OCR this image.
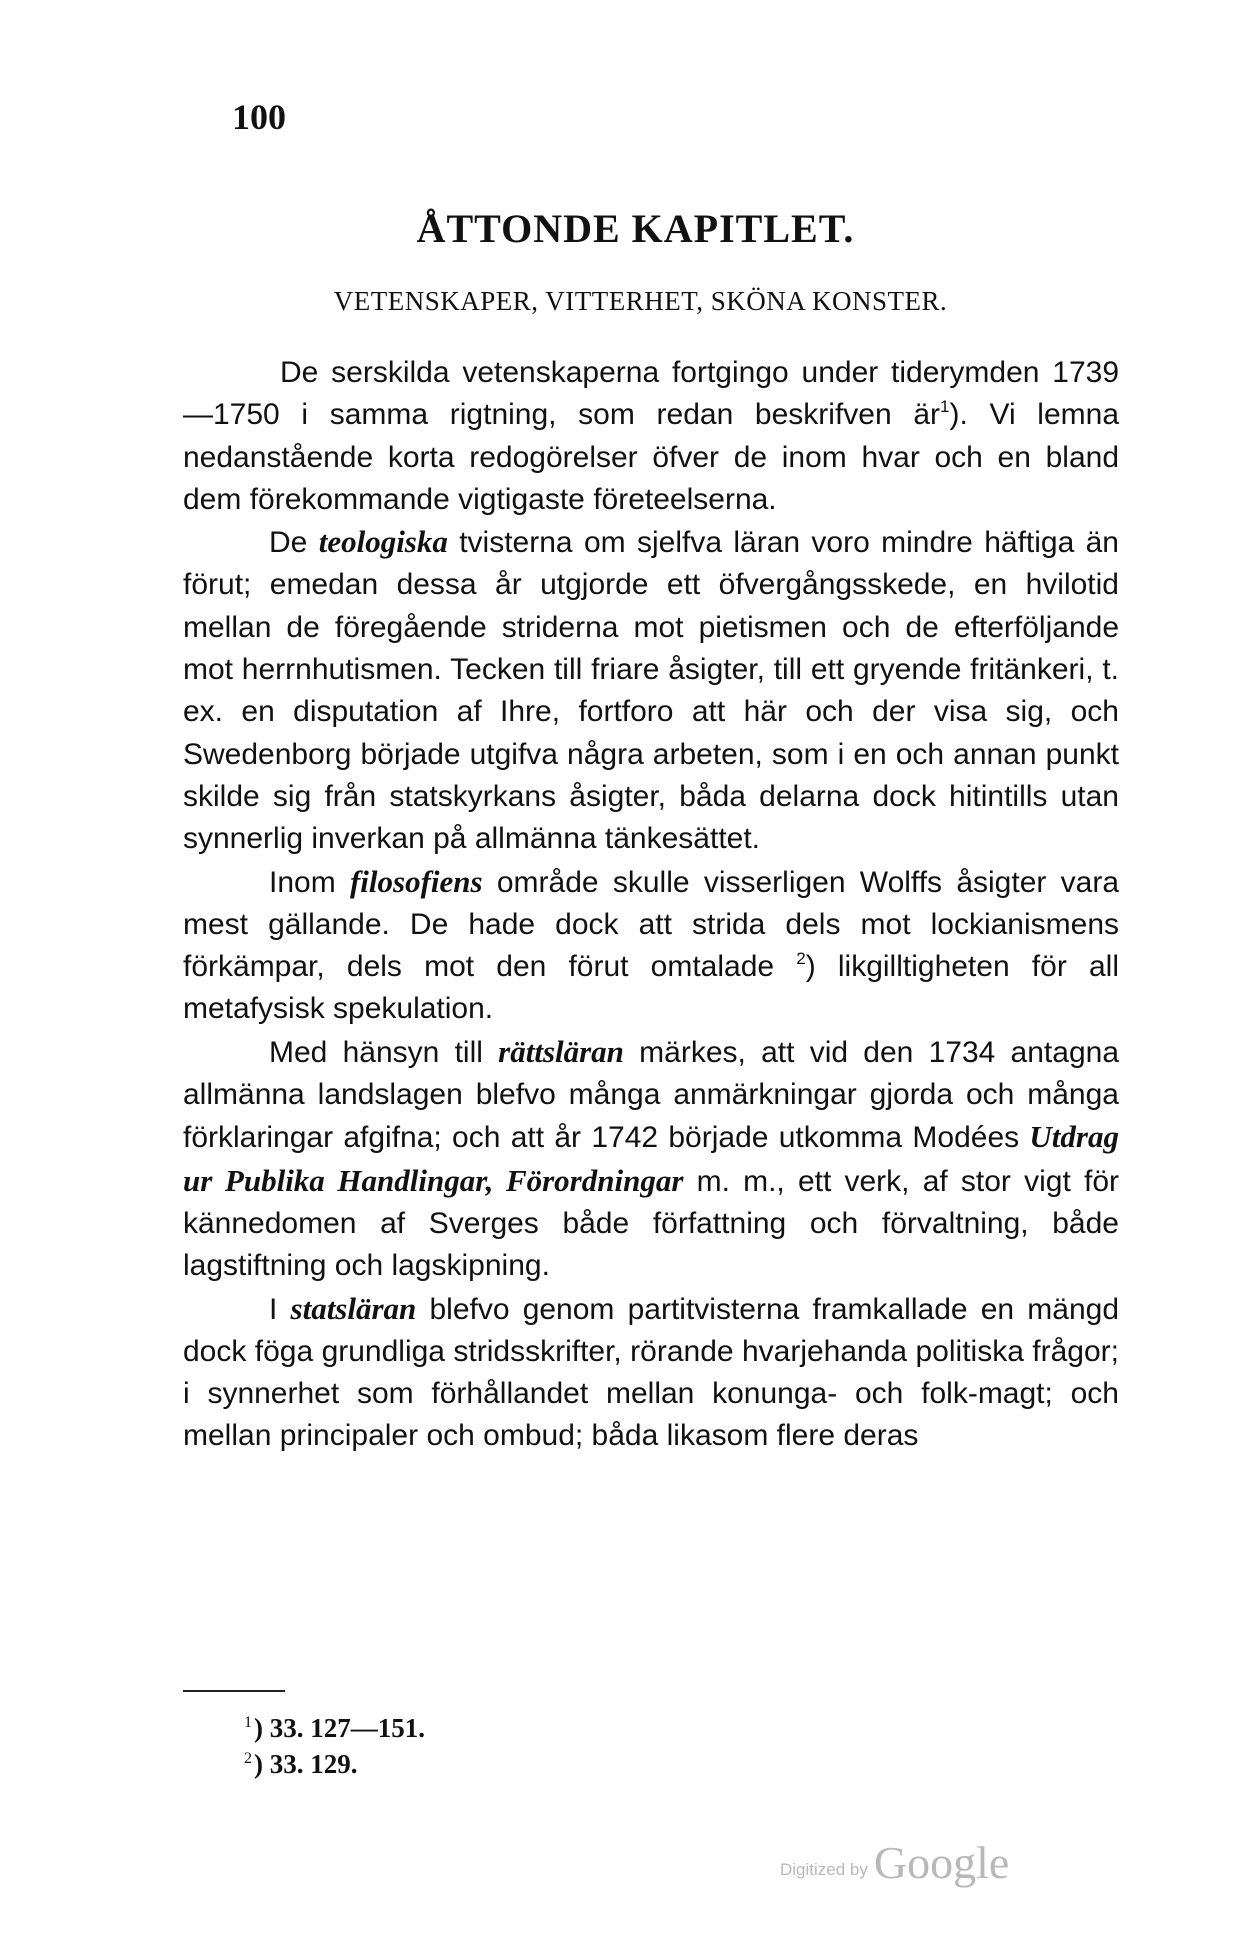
100
ÅTTONDE KAPITLET.
VETENSKAPER, VITTERHET, SKÖNA KONSTER.

De serskilda vetenskaperna fortgingo under tiderymden 1739—1750 i samma rigtning, som redan beskrifven $är^1$). Vi lemna nedanstående korta redogörelser öfver de inom hvar och en bland dem förekommande vigtigaste företeelserna.

De teologiska tvisterna om sjelfva läran voro mindre häftiga än förut; emedan dessa år utgjorde ett öfvergångsskede, en hvilotid mellan de föregående striderna mot pietismen och de efterföljande mot herrnhutismen. Tecken till friare åsigter, till ett gryende fritänkeri, t. ex. en disputation af Ihre, fortforo att här och der visa sig, och Swedenborg började utgifva några arbeten, som i en och annan punkt skilde sig från statskyrkans åsigter, båda delarna dock hitintills utan synnerlig inverkan på allmänna tänkesättet.

Inom filosofiens område skulle visserligen Wolffs åsigter vara mest gällande. De hade dock att strida dels mot lockianismens förkämpar, dels mot den förut omtalade $^2$) likgilltigheten för all metafysisk spekulation.

Med hänsyn till rättsläran märkes, att vid den 1734 antagna allmänna landslagen blefvo många anmärkningar gjorda och många förklaringar afgifna; och att år 1742 började utkomma Modées Utdrag ur Publika Handlingar, Förordningar m. m., ett verk, af stor vigt för kännedomen af Sverges både författning och förvaltning, både lagstiftning och lagskipning.

I statsläran blefvo genom partitvisterna framkallade en mängd dock föga grundliga stridsskrifter, rörande hvarjehanda politiska frågor; i synnerhet som förhållandet mellan konunga- och folk-magt; och mellan principaler och ombud; båda likasom flere deras

$^1$) 33. 127—151.
$^2$) 33. 129.
Digitized by Google
